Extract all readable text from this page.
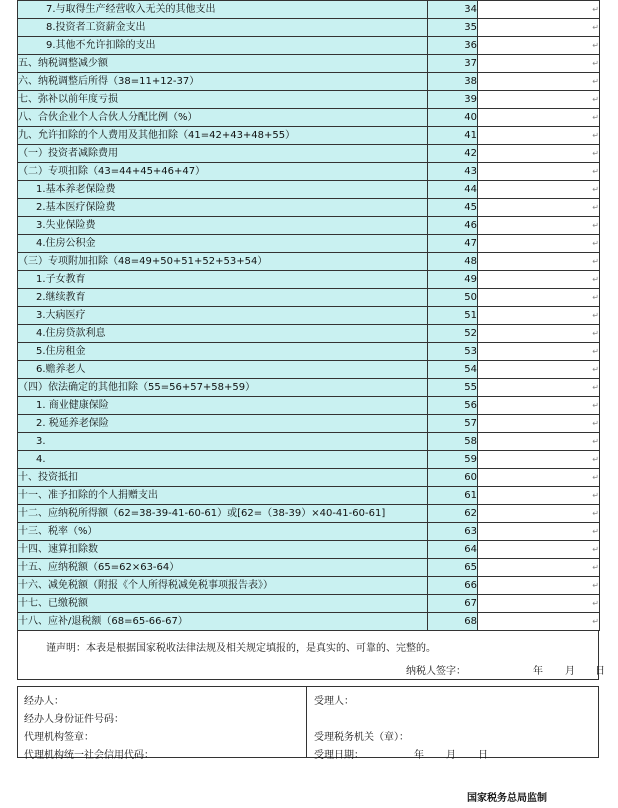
7.与取得生产经营收入无关的其他支出	34	↵
8.投资者工资薪金支出	35	↵
9.其他不允许扣除的支出	36	↵
五、纳税调整减少额	37	↵
六、纳税调整后所得（38=11+12-37）	38	↵
七、弥补以前年度亏损	39	↵
八、合伙企业个人合伙人分配比例（%）	40	↵
九、允许扣除的个人费用及其他扣除（41=42+43+48+55）	41	↵
（一）投资者减除费用	42	↵
（二）专项扣除（43=44+45+46+47）	43	↵
1.基本养老保险费	44	↵
2.基本医疗保险费	45	↵
3.失业保险费	46	↵
4.住房公积金	47	↵
（三）专项附加扣除（48=49+50+51+52+53+54）	48	↵
1.子女教育	49	↵
2.继续教育	50	↵
3.大病医疗	51	↵
4.住房贷款利息	52	↵
5.住房租金	53	↵
6.赡养老人	54	↵
（四）依法确定的其他扣除（55=56+57+58+59）	55	↵
1. 商业健康保险	56	↵
2. 税延养老保险	57	↵
3.	58	↵
4.	59	↵
十、投资抵扣	60	↵
十一、准予扣除的个人捐赠支出	61	↵
十二、应纳税所得额（62=38-39-41-60-61）或[62=（38-39）×40-41-60-61]	62	↵
十三、税率（%）	63	↵
十四、速算扣除数	64	↵
十五、应纳税额（65=62×63-64）	65	↵
十六、减免税额（附报《个人所得税减免税事项报告表》）	66	↵
十七、已缴税额	67	↵
十八、应补/退税额（68=65-66-67）	68	↵
谨声明：本表是根据国家税收法律法规及相关规定填报的，是真实的、可靠的、完整的。
纳税人签字：	年 月 日
经办人：
经办人身份证件号码：
代理机构签章：
代理机构统一社会信用代码：
受理人：
受理税务机关（章）：
受理日期：	年 月 日
国家税务总局监制
